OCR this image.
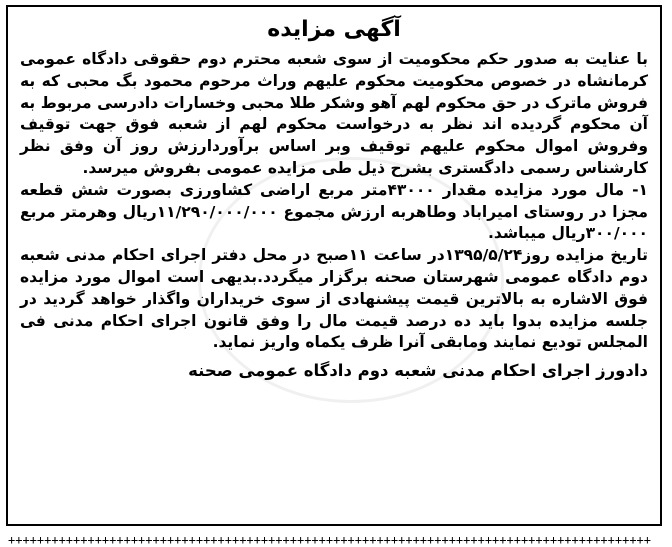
آگهی مزایده

با عنایت به صدور حکم محکومیت از سوی شعبه محترم دوم حقوقی دادگاه عمومی کرمانشاه در خصوص محکومیت محکوم علیهم وراث مرحوم محمود بگ محبی که به فروش ماترک در حق محکوم لهم آهو وشکر طلا محبی وخسارات دادرسی مربوط به آن محکوم گردیده اند نظر به درخواست محکوم لهم از شعبه فوق جهت توقیف وفروش اموال محکوم علیهم توقیف وبر اساس برآوردارزش روز آن وفق نظر کارشناس رسمی دادگستری بشرح ذیل طی مزایده عمومی بفروش میرسد.

۱- مال مورد مزایده مقدار ۴۳۰۰۰متر مربع اراضی کشاورزی بصورت شش قطعه مجزا در روستای امیراباد وطاهربه ارزش مجموع ۱۱/۲۹۰/۰۰۰/۰۰۰ریال وهرمتر مربع ۳۰۰/۰۰۰ریال میباشد.

تاریخ مزایده روز۱۳۹۵/۵/۲۴در ساعت ۱۱صبح در محل دفتر اجرای احکام مدنی شعبه دوم دادگاه عمومی شهرستان صحنه برگزار میگردد.بدیهی است اموال مورد مزایده فوق الاشاره به بالاترین قیمت پیشنهادی از سوی خریداران واگذار خواهد گردید در جلسه مزایده بدوا باید ده درصد قیمت مال را وفق قانون اجرای احکام مدنی فی المجلس تودیع نمایند ومابقی آنرا ظرف یکماه واریز نماید.

دادورز اجرای احکام مدنی شعبه دوم دادگاه عمومی صحنه
+++++++++++++++++++++++++++++++++++++++++++++++++++++++++++++++++++++++++++++++++++++++++
